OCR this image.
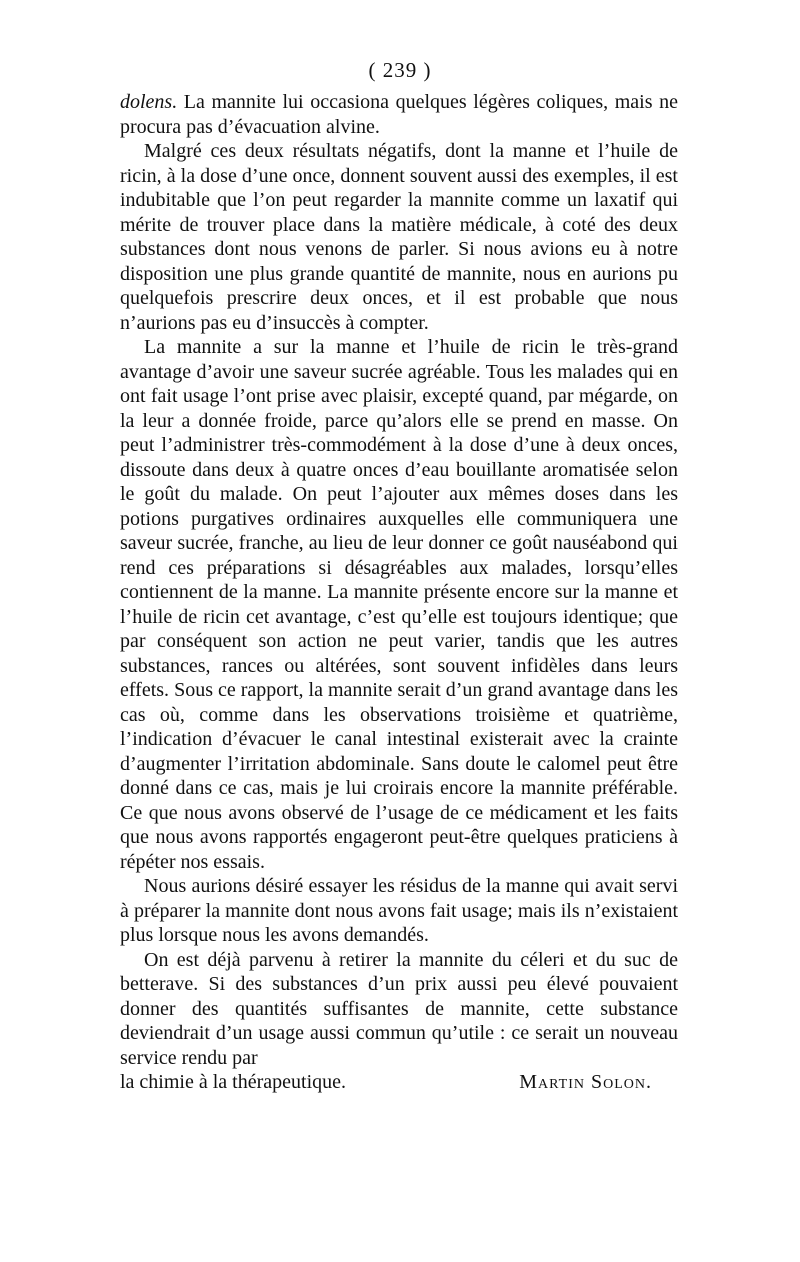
( 239 )

dolens. La mannite lui occasiona quelques légères coliques, mais ne procura pas d’évacuation alvine.

Malgré ces deux résultats négatifs, dont la manne et l’huile de ricin, à la dose d’une once, donnent souvent aussi des exemples, il est indubitable que l’on peut regarder la mannite comme un laxatif qui mérite de trouver place dans la matière médicale, à coté des deux substances dont nous venons de parler. Si nous avions eu à notre disposition une plus grande quantité de mannite, nous en aurions pu quelquefois prescrire deux onces, et il est probable que nous n’aurions pas eu d’insuccès à compter.

La mannite a sur la manne et l’huile de ricin le très-grand avantage d’avoir une saveur sucrée agréable. Tous les malades qui en ont fait usage l’ont prise avec plaisir, excepté quand, par mégarde, on la leur a donnée froide, parce qu’alors elle se prend en masse. On peut l’administrer très-commodément à la dose d’une à deux onces, dissoute dans deux à quatre onces d’eau bouillante aromatisée selon le goût du malade. On peut l’ajouter aux mêmes doses dans les potions purgatives ordinaires auxquelles elle communiquera une saveur sucrée, franche, au lieu de leur donner ce goût nauséabond qui rend ces préparations si désagréables aux malades, lorsqu’elles contiennent de la manne. La mannite présente encore sur la manne et l’huile de ricin cet avantage, c’est qu’elle est toujours identique; que par conséquent son action ne peut varier, tandis que les autres substances, rances ou altérées, sont souvent infidèles dans leurs effets. Sous ce rapport, la mannite serait d’un grand avantage dans les cas où, comme dans les observations troisième et quatrième, l’indication d’évacuer le canal intestinal existerait avec la crainte d’augmenter l’irritation abdominale. Sans doute le calomel peut être donné dans ce cas, mais je lui croirais encore la mannite préférable. Ce que nous avons observé de l’usage de ce médicament et les faits que nous avons rapportés engageront peut-être quelques praticiens à répéter nos essais.

Nous aurions désiré essayer les résidus de la manne qui avait servi à préparer la mannite dont nous avons fait usage; mais ils n’existaient plus lorsque nous les avons demandés.

On est déjà parvenu à retirer la mannite du céleri et du suc de betterave. Si des substances d’un prix aussi peu élevé pouvaient donner des quantités suffisantes de mannite, cette substance deviendrait d’un usage aussi commun qu’utile : ce serait un nouveau service rendu par

la chimie à la thérapeutique.	Martin Solon.
